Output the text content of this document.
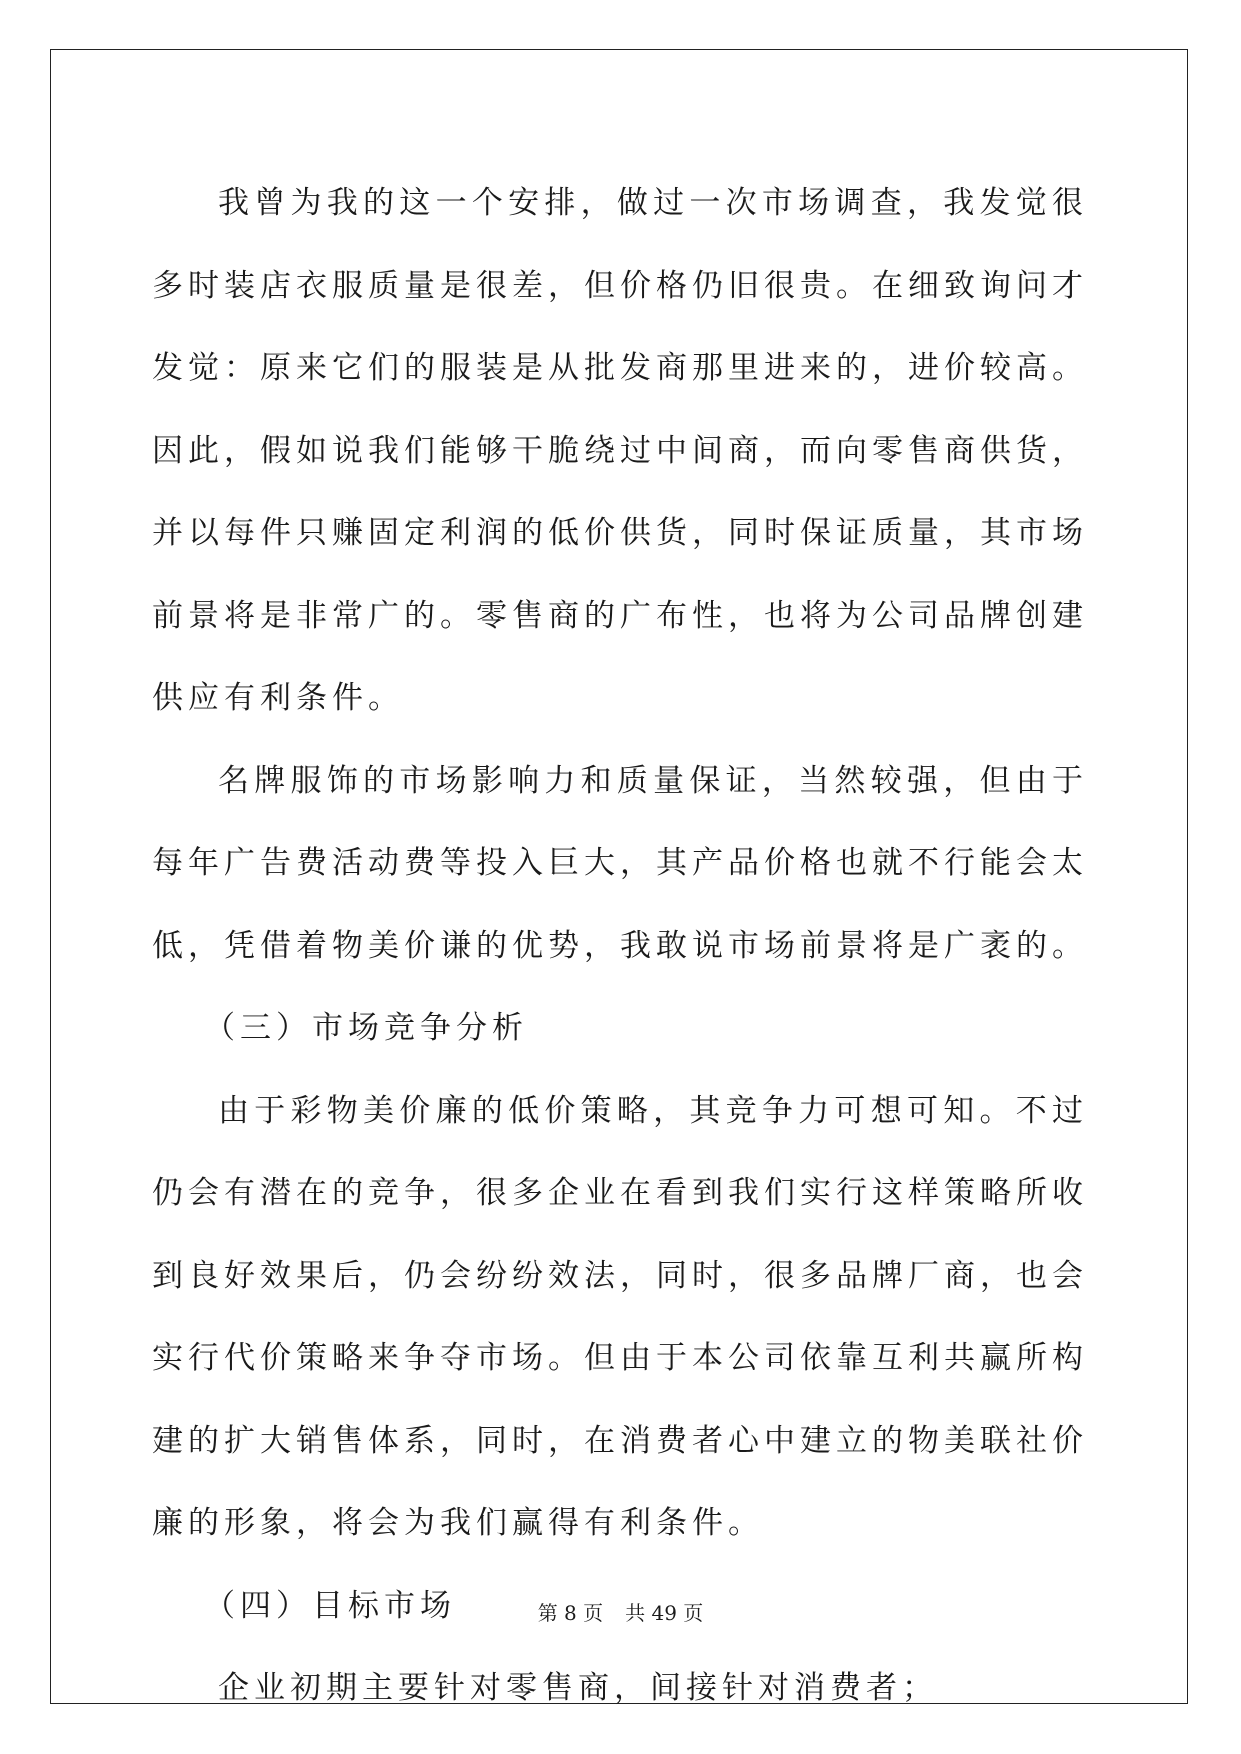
我曾为我的这一个安排，做过一次市场调查，我发觉很多时装店衣服质量是很差，但价格仍旧很贵。在细致询问才发觉：原来它们的服装是从批发商那里进来的，进价较高。因此，假如说我们能够干脆绕过中间商，而向零售商供货，并以每件只赚固定利润的低价供货，同时保证质量，其市场前景将是非常广的。零售商的广布性，也将为公司品牌创建供应有利条件。

名牌服饰的市场影响力和质量保证，当然较强，但由于每年广告费活动费等投入巨大，其产品价格也就不行能会太低，凭借着物美价谦的优势，我敢说市场前景将是广袤的。

（三）市场竞争分析

由于彩物美价廉的低价策略，其竞争力可想可知。不过仍会有潜在的竞争，很多企业在看到我们实行这样策略所收到良好效果后，仍会纷纷效法，同时，很多品牌厂商，也会实行代价策略来争夺市场。但由于本公司依靠互利共赢所构建的扩大销售体系，同时，在消费者心中建立的物美联社价廉的形象，将会为我们赢得有利条件。

（四）目标市场

企业初期主要针对零售商，间接针对消费者；

第 8 页 共 49 页
